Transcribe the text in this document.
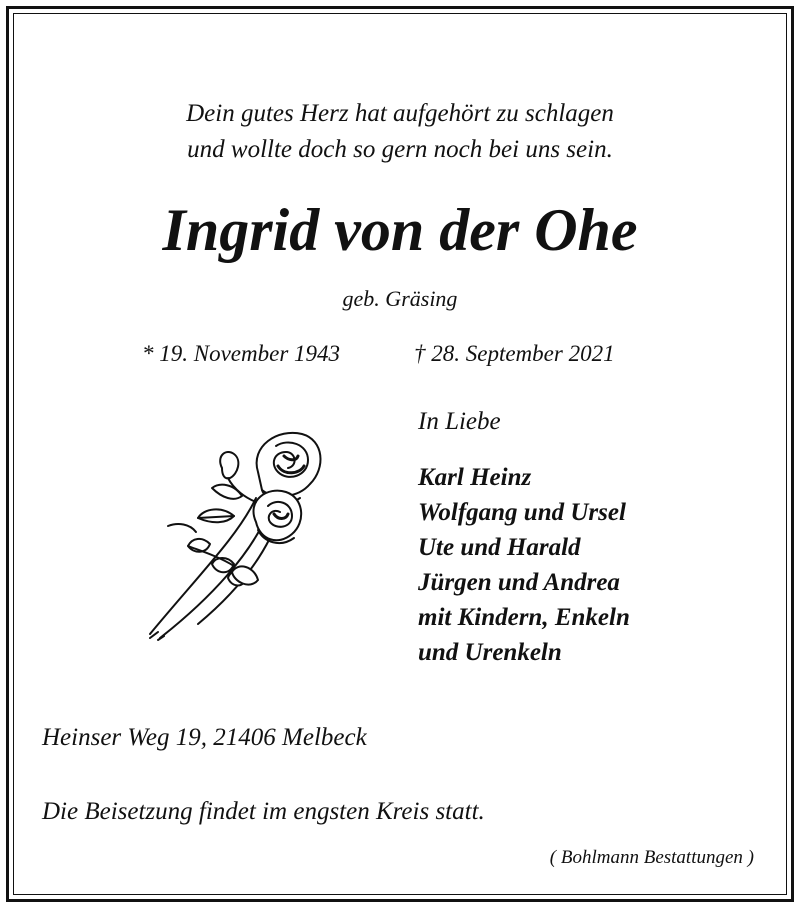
Dein gutes Herz hat aufgehört zu schlagen
und wollte doch so gern noch bei uns sein.
Ingrid von der Ohe
geb. Gräsing
* 19. November 1943	† 28. September 2021
In Liebe
Karl Heinz
Wolfgang und Ursel
Ute und Harald
Jürgen und Andrea
mit Kindern, Enkeln
und Urenkeln
Heinser Weg 19, 21406 Melbeck
Die Beisetzung findet im engsten Kreis statt.
( Bohlmann Bestattungen )
